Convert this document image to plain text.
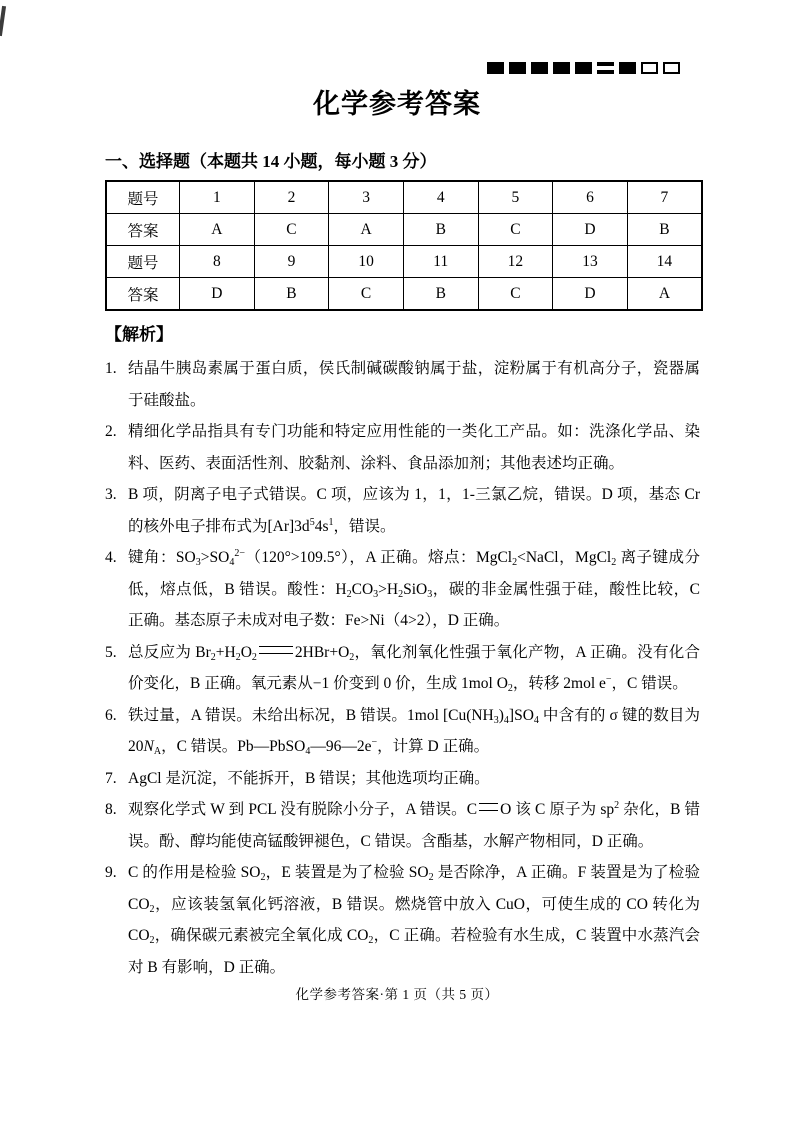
化学参考答案
一、选择题（本题共 14 小题，每小题 3 分）
题号	1	2	3	4	5	6	7
答案	A	C	A	B	C	D	B
题号	8	9	10	11	12	13	14
答案	D	B	C	B	C	D	A
【解析】
1. 结晶牛胰岛素属于蛋白质，侯氏制碱碳酸钠属于盐，淀粉属于有机高分子，瓷器属于硅酸盐。
2. 精细化学品指具有专门功能和特定应用性能的一类化工产品。如：洗涤化学品、染料、医药、表面活性剂、胶黏剂、涂料、食品添加剂；其他表述均正确。
3. B 项，阴离子电子式错误。C 项，应该为 1，1，1-三氯乙烷，错误。D 项，基态 Cr 的核外电子排布式为$[Ar]3d^54s^1$，错误。
4. 键角：$SO_3>SO_4^{2-}(120^\circ>109.5^\circ)$，A 正确。熔点：MgCl$_2$<NaCl，MgCl$_2$ 离子键成分低，熔点低，B 错误。酸性：$H_2CO_3>H_2SiO_3$，碳的非金属性强于硅，酸性比较，C 正确。基态原子未成对电子数：Fe>Ni（4>2），D 正确。
5. 总反应为 $Br_2+H_2O_2$ $2HBr+O_2$，氧化剂氧化性强于氧化产物，A 正确。没有化合价变化，B 正确。氧元素从−1 价变到 0 价，生成 1mol $O_2$，转移 2mol e−，C 错误。
6. 铁过量，A 错误。未给出标况，B 错误。1mol $[Cu(NH_3)_4]SO_4$ 中含有的 σ 键的数目为 $20N_A$，C 错误。Pb—PbSO$_4$—96—2e−，计算 D 正确。
7. AgCl 是沉淀，不能拆开，B 错误；其他选项均正确。
8. 观察化学式 W 到 PCL 没有脱除小分子，A 错误。C O 该 C 原子为 $sp^2$ 杂化，B 错误。酚、醇均能使高锰酸钾褪色，C 错误。含酯基，水解产物相同，D 正确。
9. C 的作用是检验 $SO_2$，E 装置是为了检验 $SO_2$ 是否除净，A 正确。F 装置是为了检验 $CO_2$，应该装氢氧化钙溶液，B 错误。燃烧管中放入 CuO，可使生成的 CO 转化为 $CO_2$，确保碳元素被完全氧化成 $CO_2$，C 正确。若检验有水生成，C 装置中水蒸汽会对 B 有影响，D 正确。
化学参考答案·第 1 页（共 5 页）
